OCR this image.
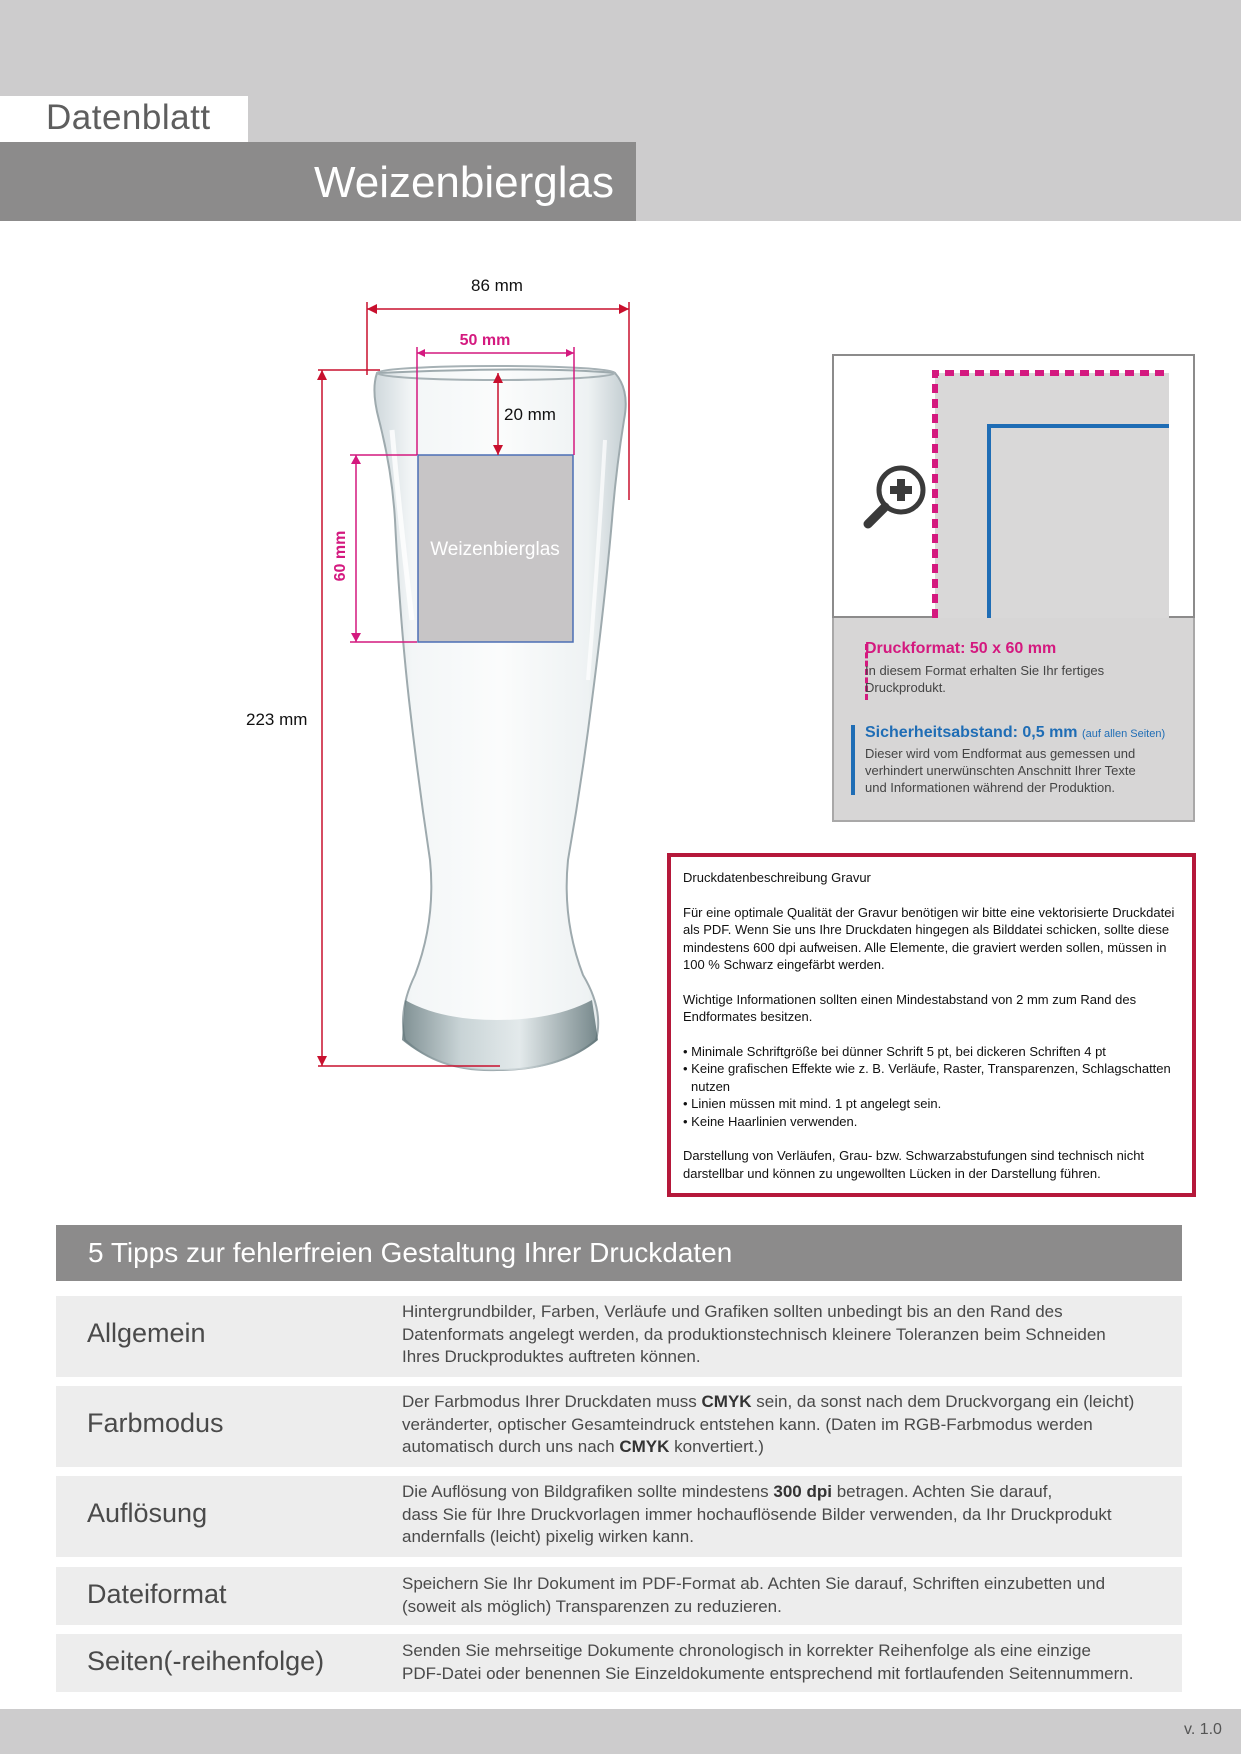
Datenblatt
Weizenbierglas
Weizenbierglas
86 mm
50 mm
20 mm
60 mm
223 mm
Druckformat: 50 x 60 mm
In diesem Format erhalten Sie Ihr fertiges
Druckprodukt.
Sicherheitsabstand: 0,5 mm (auf allen Seiten)
Dieser wird vom Endformat aus gemessen und
verhindert unerwünschten Anschnitt Ihrer Texte
und Informationen während der Produktion.

Druckdatenbeschreibung Gravur

Für eine optimale Qualität der Gravur benötigen wir bitte eine vektorisierte Druckdatei als PDF. Wenn Sie uns Ihre Druckdaten hingegen als Bilddatei schicken, sollte diese mindestens 600 dpi aufweisen. Alle Elemente, die graviert werden sollen, müssen in 100 % Schwarz eingefärbt werden.

Wichtige Informationen sollten einen Mindestabstand von 2 mm zum Rand des Endformates besitzen.

• Minimale Schriftgröße bei dünner Schrift 5 pt, bei dickeren Schriften 4 pt
• Keine grafischen Effekte wie z. B. Verläufe, Raster, Transparenzen, Schlagschatten nutzen
• Linien müssen mit mind. 1 pt angelegt sein.
• Keine Haarlinien verwenden.

Darstellung von Verläufen, Grau- bzw. Schwarzabstufungen sind technisch nicht darstellbar und können zu ungewollten Lücken in der Darstellung führen.

5 Tipps zur fehlerfreien Gestaltung Ihrer Druckdaten
Allgemein
Hintergrundbilder, Farben, Verläufe und Grafiken sollten unbedingt bis an den Rand des
Datenformats angelegt werden, da produktionstechnisch kleinere Toleranzen beim Schneiden
Ihres Druckproduktes auftreten können.
Farbmodus
Der Farbmodus Ihrer Druckdaten muss CMYK sein, da sonst nach dem Druckvorgang ein (leicht)
veränderter, optischer Gesamteindruck entstehen kann. (Daten im RGB-Farbmodus werden
automatisch durch uns nach CMYK konvertiert.)
Auflösung
Die Auflösung von Bildgrafiken sollte mindestens 300 dpi betragen. Achten Sie darauf,
dass Sie für Ihre Druckvorlagen immer hochauflösende Bilder verwenden, da Ihr Druckprodukt
andernfalls (leicht) pixelig wirken kann.
Dateiformat	Speichern Sie Ihr Dokument im PDF-Format ab. Achten Sie darauf, Schriften einzubetten und
(soweit als möglich) Transparenzen zu reduzieren.
Seiten(-reihenfolge)	Senden Sie mehrseitige Dokumente chronologisch in korrekter Reihenfolge als eine einzige
PDF-Datei oder benennen Sie Einzeldokumente entsprechend mit fortlaufenden Seitennummern.
v. 1.0
